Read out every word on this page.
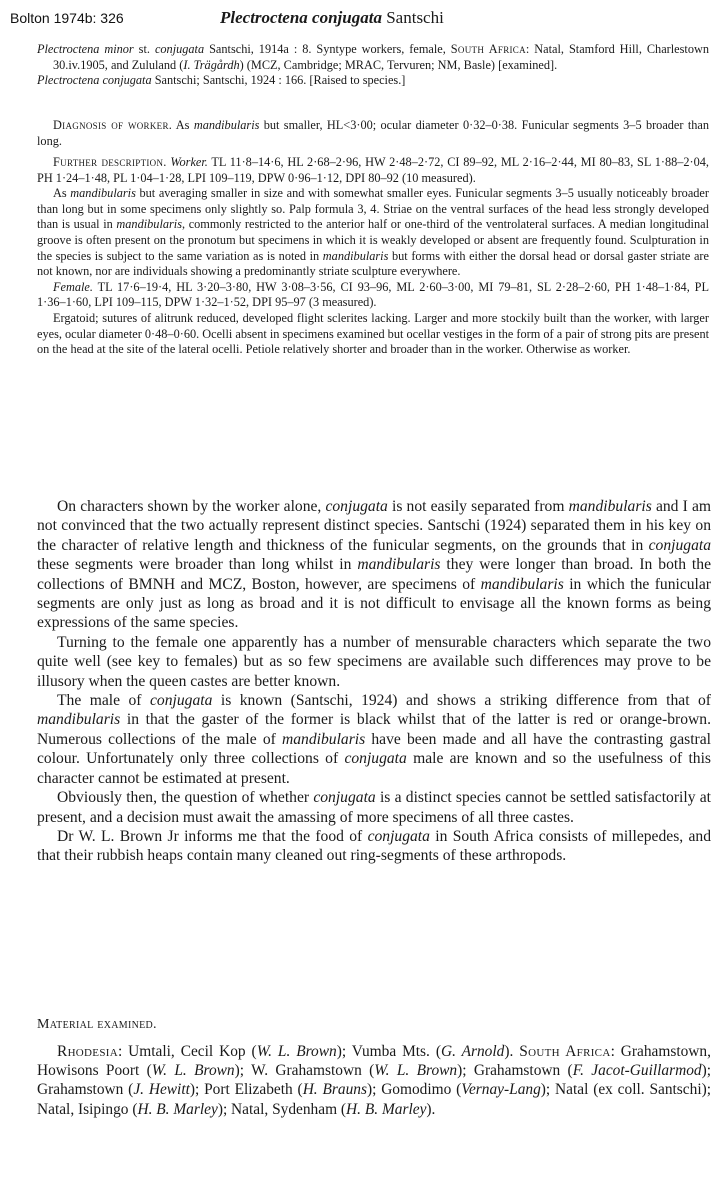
Bolton 1974b: 326	Plectroctena conjugata Santschi

Plectroctena minor st. conjugata Santschi, 1914a : 8. Syntype workers, female, South Africa: Natal, Stamford Hill, Charlestown 30.iv.1905, and Zululand (I. Trägårdh) (MCZ, Cambridge; MRAC, Tervuren; NM, Basle) [examined].

Plectroctena conjugata Santschi; Santschi, 1924 : 166. [Raised to species.]

Diagnosis of worker. As mandibularis but smaller, HL<3·00; ocular diameter 0·32–0·38. Funicular segments 3–5 broader than long.

Further description. Worker. TL 11·8–14·6, HL 2·68–2·96, HW 2·48–2·72, CI 89–92, ML 2·16–2·44, MI 80–83, SL 1·88–2·04, PH 1·24–1·48, PL 1·04–1·28, LPI 109–119, DPW 0·96–1·12, DPI 80–92 (10 measured).

As mandibularis but averaging smaller in size and with somewhat smaller eyes. Funicular segments 3–5 usually noticeably broader than long but in some specimens only slightly so. Palp formula 3, 4. Striae on the ventral surfaces of the head less strongly developed than is usual in mandibularis, commonly restricted to the anterior half or one-third of the ventrolateral surfaces. A median longitudinal groove is often present on the pronotum but specimens in which it is weakly developed or absent are frequently found. Sculpturation in the species is subject to the same variation as is noted in mandibularis but forms with either the dorsal head or dorsal gaster striate are not known, nor are individuals showing a predominantly striate sculpture everywhere.

Female. TL 17·6–19·4, HL 3·20–3·80, HW 3·08–3·56, CI 93–96, ML 2·60–3·00, MI 79–81, SL 2·28–2·60, PH 1·48–1·84, PL 1·36–1·60, LPI 109–115, DPW 1·32–1·52, DPI 95–97 (3 measured).

Ergatoid; sutures of alitrunk reduced, developed flight sclerites lacking. Larger and more stockily built than the worker, with larger eyes, ocular diameter 0·48–0·60. Ocelli absent in specimens examined but ocellar vestiges in the form of a pair of strong pits are present on the head at the site of the lateral ocelli. Petiole relatively shorter and broader than in the worker. Otherwise as worker.

On characters shown by the worker alone, conjugata is not easily separated from mandibularis and I am not convinced that the two actually represent distinct species. Santschi (1924) separated them in his key on the character of relative length and thickness of the funicular segments, on the grounds that in conjugata these segments were broader than long whilst in mandibularis they were longer than broad. In both the collections of BMNH and MCZ, Boston, however, are specimens of mandibularis in which the funicular segments are only just as long as broad and it is not difficult to envisage all the known forms as being expressions of the same species.

Turning to the female one apparently has a number of mensurable characters which separate the two quite well (see key to females) but as so few specimens are available such differences may prove to be illusory when the queen castes are better known.

The male of conjugata is known (Santschi, 1924) and shows a striking difference from that of mandibularis in that the gaster of the former is black whilst that of the latter is red or orange-brown. Numerous collections of the male of mandibularis have been made and all have the contrasting gastral colour. Unfortunately only three collections of conjugata male are known and so the usefulness of this character cannot be estimated at present.

Obviously then, the question of whether conjugata is a distinct species cannot be settled satisfactorily at present, and a decision must await the amassing of more specimens of all three castes.

Dr W. L. Brown Jr informs me that the food of conjugata in South Africa consists of millepedes, and that their rubbish heaps contain many cleaned out ring-segments of these arthropods.

Material examined.

Rhodesia: Umtali, Cecil Kop (W. L. Brown); Vumba Mts. (G. Arnold). South Africa: Grahamstown, Howisons Poort (W. L. Brown); W. Grahamstown (W. L. Brown); Grahamstown (F. Jacot-Guillarmod); Grahamstown (J. Hewitt); Port Elizabeth (H. Brauns); Gomodimo (Vernay-Lang); Natal (ex coll. Santschi); Natal, Isipingo (H. B. Marley); Natal, Sydenham (H. B. Marley).
